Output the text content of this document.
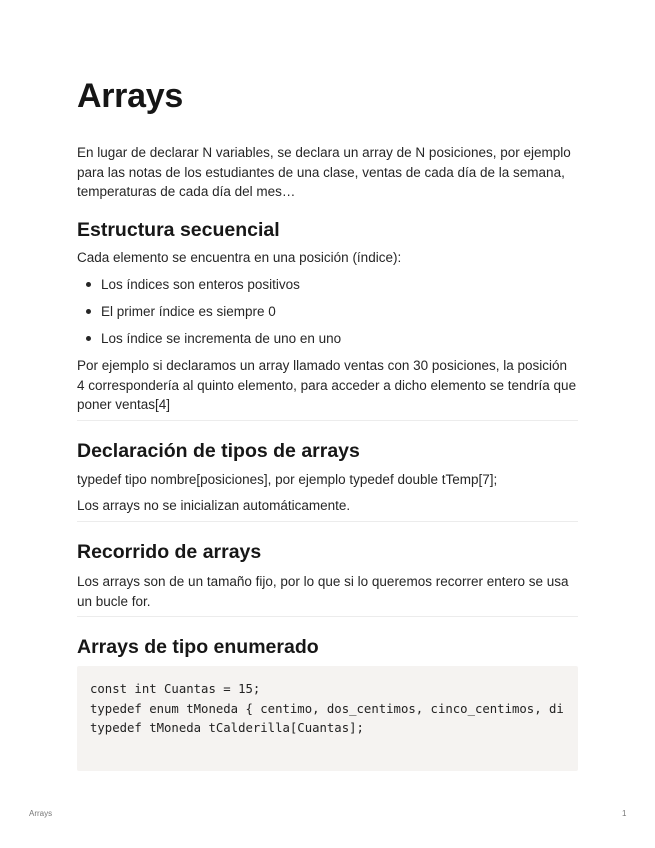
Arrays

En lugar de declarar N variables, se declara un array de N posiciones, por ejemplo para las notas de los estudiantes de una clase, ventas de cada día de la semana, temperaturas de cada día del mes…

Estructura secuencial

Cada elemento se encuentra en una posición (índice):

Los índices son enteros positivos
El primer índice es siempre 0
Los índice se incrementa de uno en uno

Por ejemplo si declaramos un array llamado ventas con 30 posiciones, la posición 4 correspondería al quinto elemento, para acceder a dicho elemento se tendría que poner ventas[4]

Declaración de tipos de arrays

typedef tipo nombre[posiciones], por ejemplo typedef double tTemp[7];

Los arrays no se inicializan automáticamente.

Recorrido de arrays

Los arrays son de un tamaño fijo, por lo que si lo queremos recorrer entero se usa un bucle for.

Arrays de tipo enumerado
const int Cuantas = 15;
typedef enum tMoneda { centimo, dos_centimos, cinco_centimos, di
typedef tMoneda tCalderilla[Cuantas];
Arrays	1
